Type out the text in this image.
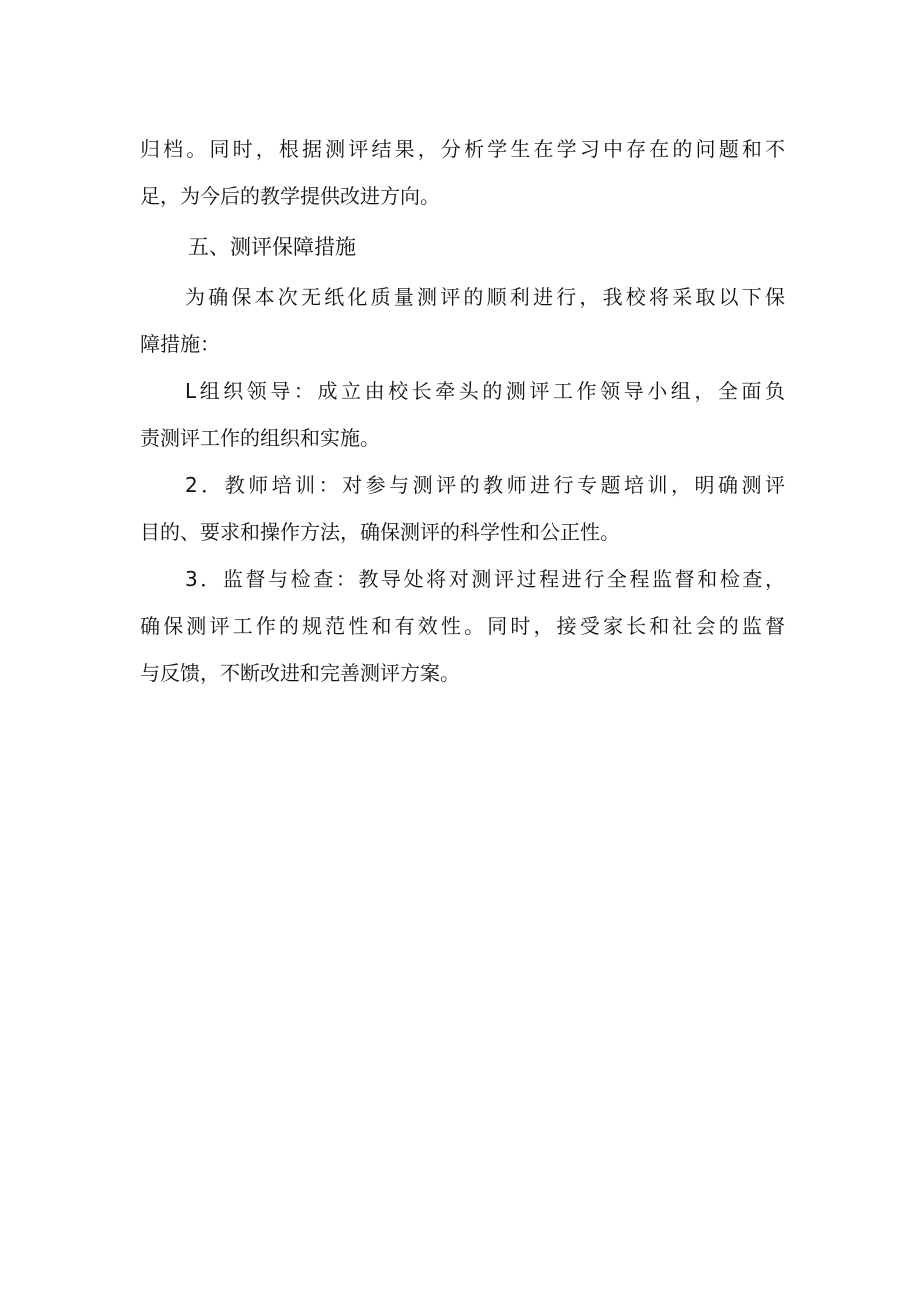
归档。同时，根据测评结果，分析学生在学习中存在的问题和不
足，为今后的教学提供改进方向。
五、测评保障措施
为确保本次无纸化质量测评的顺利进行，我校将采取以下保
障措施：
L组织领导：成立由校长牵头的测评工作领导小组，全面负
责测评工作的组织和实施。
2．教师培训：对参与测评的教师进行专题培训，明确测评
目的、要求和操作方法，确保测评的科学性和公正性。
3．监督与检查：教导处将对测评过程进行全程监督和检查，
确保测评工作的规范性和有效性。同时，接受家长和社会的监督
与反馈，不断改进和完善测评方案。
